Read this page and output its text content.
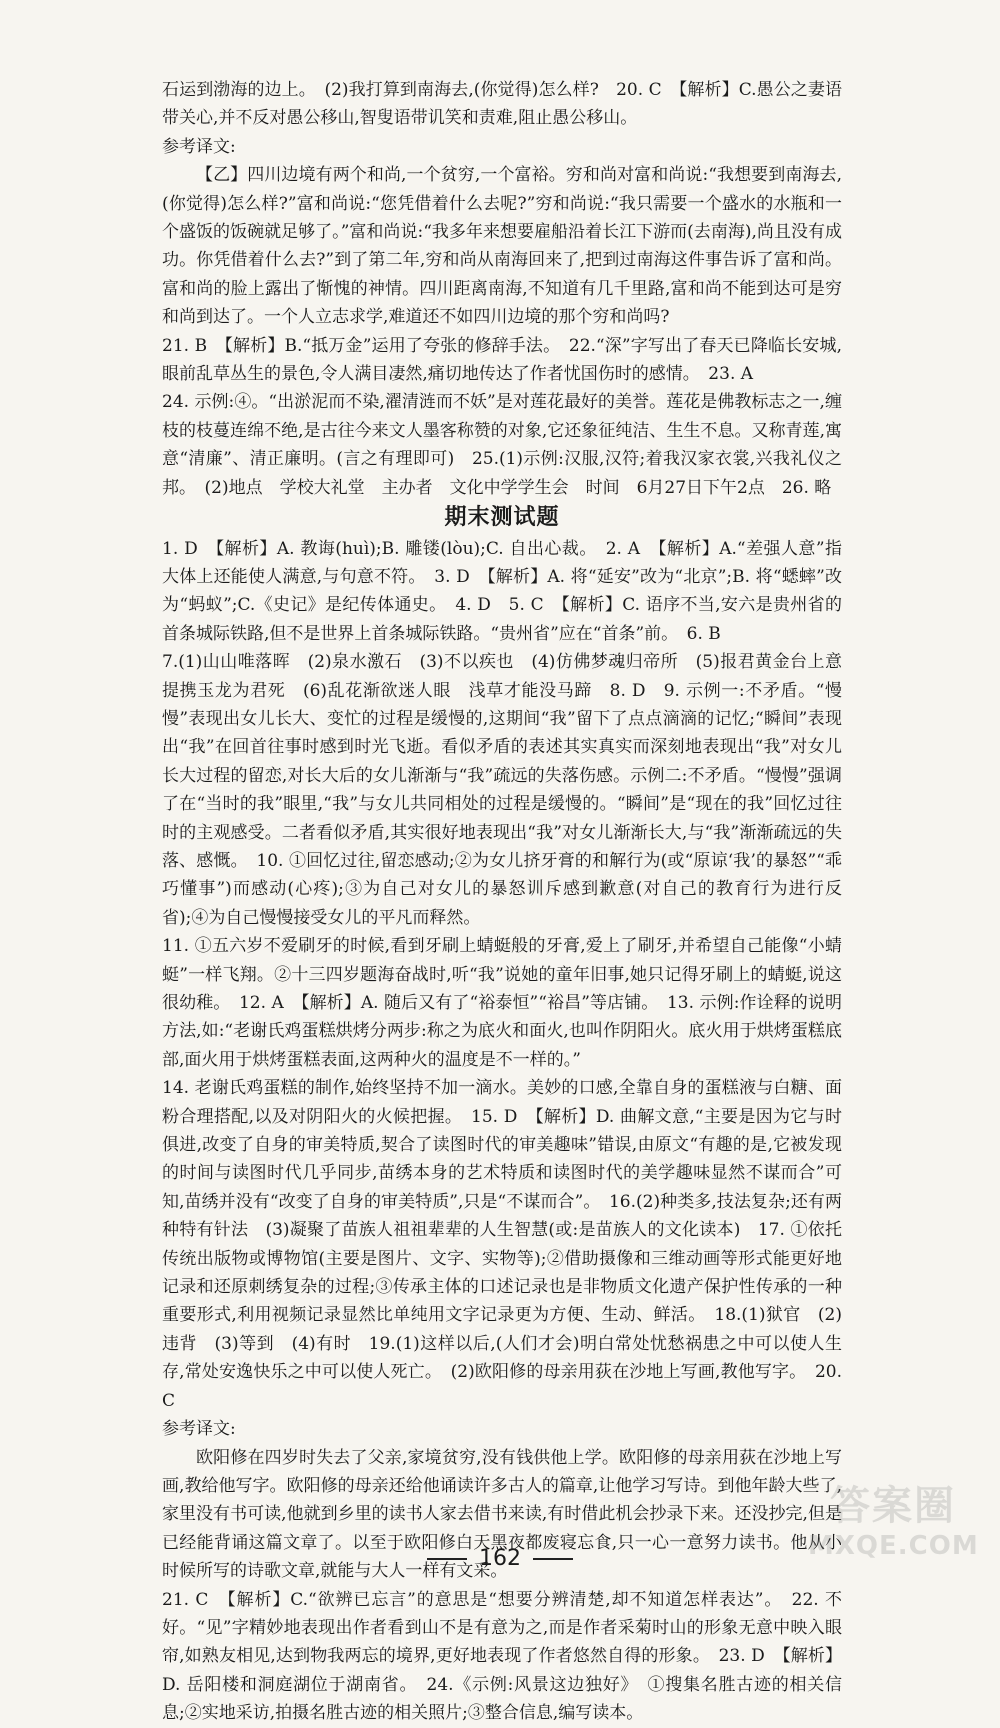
石运到渤海的边上。　(2)我打算到南海去,(你觉得)怎么样?　20. C　【解析】C.愚公之妻语带关心,并不反对愚公移山,智叟语带讥笑和责难,阻止愚公移山。

参考译文:

【乙】四川边境有两个和尚,一个贫穷,一个富裕。穷和尚对富和尚说:“我想要到南海去,(你觉得)怎么样?”富和尚说:“您凭借着什么去呢?”穷和尚说:“我只需要一个盛水的水瓶和一个盛饭的饭碗就足够了。”富和尚说:“我多年来想要雇船沿着长江下游而(去南海),尚且没有成功。你凭借着什么去?”到了第二年,穷和尚从南海回来了,把到过南海这件事告诉了富和尚。富和尚的脸上露出了惭愧的神情。四川距离南海,不知道有几千里路,富和尚不能到达可是穷和尚到达了。一个人立志求学,难道还不如四川边境的那个穷和尚吗?

21. B　【解析】B.“抵万金”运用了夸张的修辞手法。　22.“深”字写出了春天已降临长安城,眼前乱草丛生的景色,令人满目凄然,痛切地传达了作者忧国伤时的感情。　23. A

24. 示例:④。“出淤泥而不染,濯清涟而不妖”是对莲花最好的美誉。莲花是佛教标志之一,缠枝的枝蔓连绵不绝,是古往今来文人墨客称赞的对象,它还象征纯洁、生生不息。又称青莲,寓意“清廉”、清正廉明。(言之有理即可)　25.(1)示例:汉服,汉符;着我汉家衣裳,兴我礼仪之邦。　(2)地点　学校大礼堂　主办者　文化中学学生会　时间　6月27日下午2点　26. 略

期末测试题

1. D　【解析】A. 教诲(huì);B. 雕镂(lòu);C. 自出心裁。　2. A　【解析】A.“差强人意”指大体上还能使人满意,与句意不符。　3. D　【解析】A. 将“延安”改为“北京”;B. 将“蟋蟀”改为“蚂蚁”;C.《史记》是纪传体通史。　4. D　5. C　【解析】C. 语序不当,安六是贵州省的首条城际铁路,但不是世界上首条城际铁路。“贵州省”应在“首条”前。　6. B

7.(1)山山唯落晖　(2)泉水激石　(3)不以疾也　(4)仿佛梦魂归帝所　(5)报君黄金台上意　提携玉龙为君死　(6)乱花渐欲迷人眼　浅草才能没马蹄　8. D　9. 示例一:不矛盾。“慢慢”表现出女儿长大、变忙的过程是缓慢的,这期间“我”留下了点点滴滴的记忆;“瞬间”表现出“我”在回首往事时感到时光飞逝。看似矛盾的表述其实真实而深刻地表现出“我”对女儿长大过程的留恋,对长大后的女儿渐渐与“我”疏远的失落伤感。示例二:不矛盾。“慢慢”强调了在“当时的我”眼里,“我”与女儿共同相处的过程是缓慢的。“瞬间”是“现在的我”回忆过往时的主观感受。二者看似矛盾,其实很好地表现出“我”对女儿渐渐长大,与“我”渐渐疏远的失落、感慨。　10. ①回忆过往,留恋感动;②为女儿挤牙膏的和解行为(或“原谅‘我’的暴怒”“乖巧懂事”)而感动(心疼);③为自己对女儿的暴怒训斥感到歉意(对自己的教育行为进行反省);④为自己慢慢接受女儿的平凡而释然。

11. ①五六岁不爱刷牙的时候,看到牙刷上蜻蜓般的牙膏,爱上了刷牙,并希望自己能像“小蜻蜓”一样飞翔。②十三四岁题海奋战时,听“我”说她的童年旧事,她只记得牙刷上的蜻蜓,说这很幼稚。　12. A　【解析】A. 随后又有了“裕泰恒”“裕昌”等店铺。　13. 示例:作诠释的说明方法,如:“老谢氏鸡蛋糕烘烤分两步:称之为底火和面火,也叫作阴阳火。底火用于烘烤蛋糕底部,面火用于烘烤蛋糕表面,这两种火的温度是不一样的。”

14. 老谢氏鸡蛋糕的制作,始终坚持不加一滴水。美妙的口感,全靠自身的蛋糕液与白糖、面粉合理搭配,以及对阴阳火的火候把握。　15. D　【解析】D. 曲解文意,“主要是因为它与时俱进,改变了自身的审美特质,契合了读图时代的审美趣味”错误,由原文“有趣的是,它被发现的时间与读图时代几乎同步,苗绣本身的艺术特质和读图时代的美学趣味显然不谋而合”可知,苗绣并没有“改变了自身的审美特质”,只是“不谋而合”。　16.(2)种类多,技法复杂;还有两种特有针法　(3)凝聚了苗族人祖祖辈辈的人生智慧(或:是苗族人的文化读本)　17. ①依托传统出版物或博物馆(主要是图片、文字、实物等);②借助摄像和三维动画等形式能更好地记录和还原刺绣复杂的过程;③传承主体的口述记录也是非物质文化遗产保护性传承的一种重要形式,利用视频记录显然比单纯用文字记录更为方便、生动、鲜活。　18.(1)狱官　(2)违背　(3)等到　(4)有时　19.(1)这样以后,(人们才会)明白常处忧愁祸患之中可以使人生存,常处安逸快乐之中可以使人死亡。　(2)欧阳修的母亲用荻在沙地上写画,教他写字。　20. C

参考译文:

欧阳修在四岁时失去了父亲,家境贫穷,没有钱供他上学。欧阳修的母亲用荻在沙地上写画,教给他写字。欧阳修的母亲还给他诵读许多古人的篇章,让他学习写诗。到他年龄大些了,家里没有书可读,他就到乡里的读书人家去借书来读,有时借此机会抄录下来。还没抄完,但是已经能背诵这篇文章了。以至于欧阳修白天黑夜都废寝忘食,只一心一意努力读书。他从小时候所写的诗歌文章,就能与大人一样有文采。

21. C　【解析】C.“欲辨已忘言”的意思是“想要分辨清楚,却不知道怎样表达”。　22. 不好。“见”字精妙地表现出作者看到山不是有意为之,而是作者采菊时山的形象无意中映入眼帘,如熟友相见,达到物我两忘的境界,更好地表现了作者悠然自得的形象。　23. D　【解析】D. 岳阳楼和洞庭湖位于湖南省。　24.《示例:风景这边独好》　①搜集名胜古迹的相关信息;②实地采访,拍摄名胜古迹的相关照片;③整合信息,编写读本。

162
答案圈
MXQE.COM
